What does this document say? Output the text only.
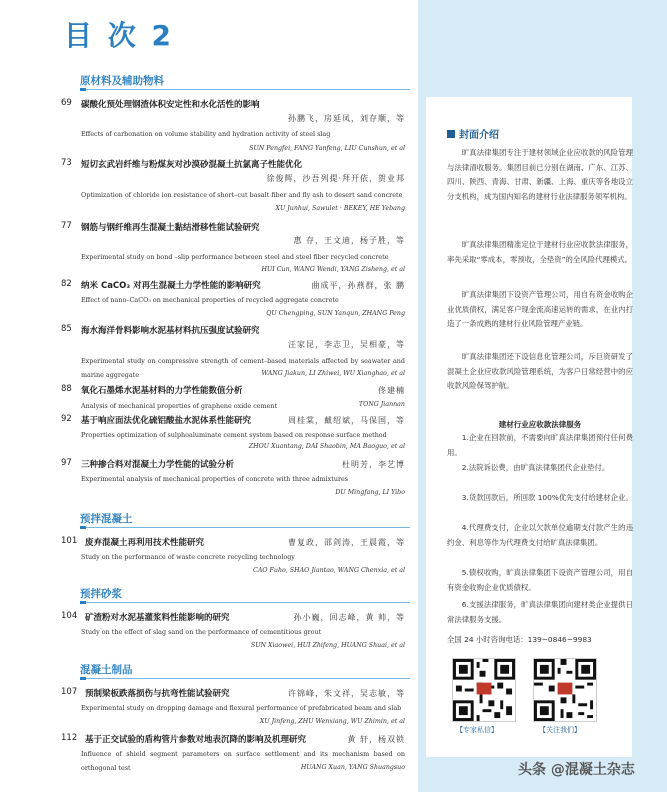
目 次 2
原材料及辅助物料
69 碳酸化预处理钢渣体积安定性和水化活性的影响
孙鹏飞，房延凤，刘存顺，等
Effects of carbonation on volume stability and hydration activity of steel slag
SUN Pengfei, FANG Yanfeng, LIU Cunshun, et al
73 短切玄武岩纤维与粉煤灰对沙漠砂混凝土抗氯离子性能优化
徐俊辉，沙吾列提·拜开依，贺业邦
Optimization of chloride ion resistance of short–cut basalt fiber and fly ash to desert sand concrete
XU Junhui, Sawulet · BEKEY, HE Yebang
77 钢筋与钢纤维再生混凝土黏结滑移性能试验研究
惠 存，王文迪，杨子胜，等
Experimental study on bond –slip performance between steel and steel fiber recycled concrete
HUI Cun, WANG Wendi, YANG Zisheng, et al
82 纳米 CaCO₃ 对再生混凝土力学性能的影响研究	曲成平，孙燕群，张 鹏
Effect of nano–CaCO₃ on mechanical properties of recycled aggregate concrete
QU Chengping, SUN Yanqun, ZHANG Peng
85 海水海洋骨料影响水泥基材料抗压强度试验研究
汪家昆，李志卫，吴相豪，等
Experimental study on compressive strength of cement–based materials affected by seawater and marine aggregate	WANG Jiakun, LI Zhiwei, WU Xianghao, et al
88 氧化石墨烯水泥基材料的力学性能数值分析	佟建楠
Analysis of mechanical properties of graphene oxide cement	TONG Jiannan
92 基于响应面法优化硫铝酸盐水泥体系性能研究	周桂棠，戴绍斌，马保国，等
Properties optimization of sulphoaluminate cement system based on response surface method
ZHOU Xuantang, DAI Shaobin, MA Baoguo, et al
97 三种掺合料对混凝土力学性能的试验分析	杜明芳，李艺博
Experimental analysis of mechanical properties of concrete with three admixtures
DU Mingfang, LI Yibo
预拌混凝土
101 废弃混凝土再利用技术性能研究	曹复政，邵剑涛，王晨霞，等
Study on the performance of waste concrete recycling technology
CAO Fuho, SHAO Jiantao, WANG Chenxia, et al
预拌砂浆
104 矿渣粉对水泥基灌浆料性能影响的研究	孙小巍，回志峰，黄 帅，等
Study on the effect of slag sand on the performance of cementitious grout
SUN Xiaowei, HUI Zhifeng, HUANG Shuai, et al
混凝土制品
107 预制梁板跌落损伤与抗弯性能试验研究	许锦峰，朱文祥，吴志敏，等
Experimental study on dropping damage and flexural performance of prefabricated beam and slab
XU Jinfeng, ZHU Wenxiang, WU Zhimin, et al
112 基于正交试验的盾构管片参数对地表沉降的影响及机理研究	黄 轩，杨双锁
Influence of shield segment parameters on surface settlement and its mechanism based on orthogonal test	HUANG Xuan, YANG Shuangsuo
封面介绍
旷真法律集团专注于建材领域企业应收款的风险管理与法律清收服务。集团目前已分别在湖南、广东、江苏、四川、陕西、青海、甘肃、新疆、上海、重庆等各地设立分支机构，成为国内知名的建材行业法律服务领军机构。
旷真法律集团精准定位于建材行业应收款法律服务，率先采取“零成本，零预收，全垫资”的全风险代理模式。
旷真法律集团下设资产管理公司，用自有资金收购企业优质债权，满足客户现金流高速运转的需求，在业内打造了一条成熟的建材行业风险管理产业链。
旷真法律集团还下设信息化管理公司，斥巨资研发了混凝土企业应收款风险管理系统，为客户日常经营中的应收款风险保驾护航。
建材行业应收款法律服务
1.企业在回款前，不需要向旷真法律集团预付任何费用。
2.法院诉讼费，由旷真法律集团代企业垫付。
3.货款回款后，所回款 100%优先支付给建材企业。
4.代理费支付，企业以欠款单位逾期支付款产生的违约金、利息等作为代理费支付给旷真法律集团。
5.债权收购，旷真法律集团下设资产管理公司，用自有资金收购企业优质债权。
6.支援法律服务，旷真法律集团向建材类企业提供日常法律服务支援。
全国 24 小时咨询电话：139−0846−9983
【专家私信】	【关注我们】
头条 @混凝土杂志
